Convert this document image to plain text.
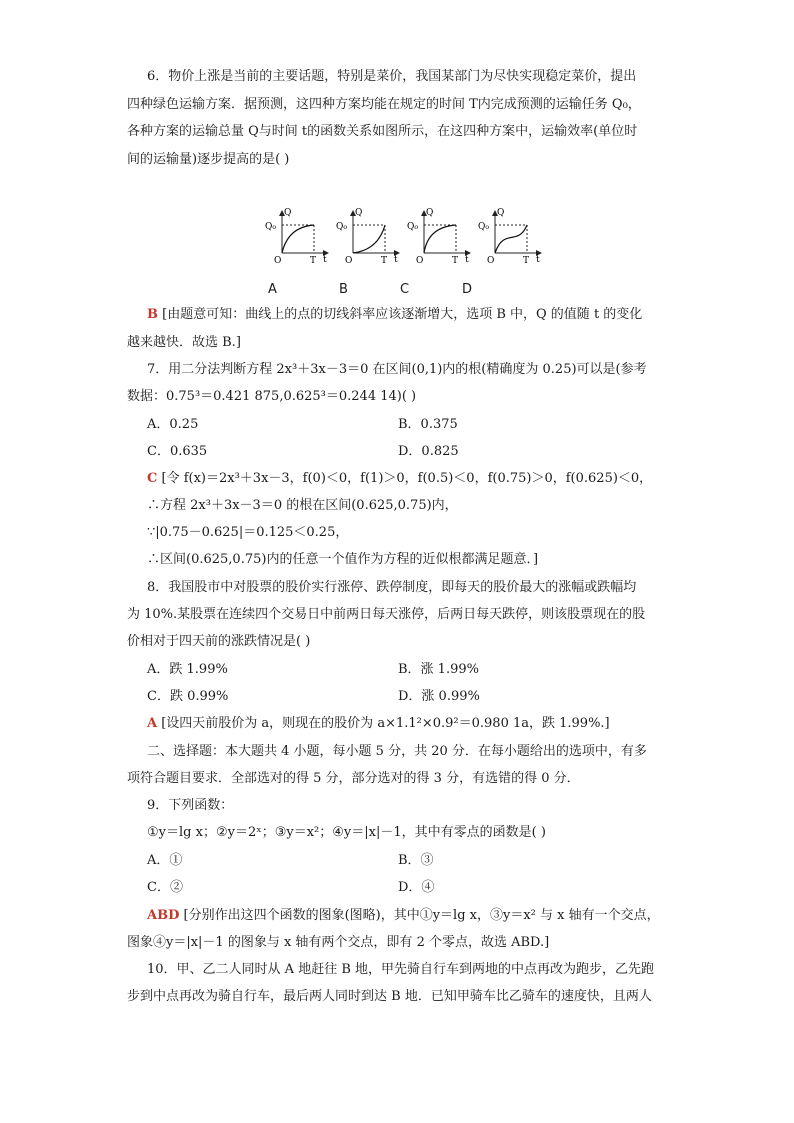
6．物价上涨是当前的主要话题，特别是菜价，我国某部门为尽快实现稳定菜价，提出
四种绿色运输方案．据预测，这四种方案均能在规定的时间 T内完成预测的运输任务 Q₀，
各种方案的运输总量 Q与时间 t的函数关系如图所示，在这四种方案中，运输效率(单位时
间的运输量)逐步提高的是( )
Q
Q₀
O	T t
Q
Q₀
O	T t
Q
Q₀
O	T t
Q
Q₀
O	T t
A	B	C	D
B [由题意可知：曲线上的点的切线斜率应该逐渐增大，选项 B 中，Q 的值随 t 的变化
越来越快．故选 B.]
7．用二分法判断方程 2x³＋3x－3＝0 在区间(0,1)内的根(精确度为 0.25)可以是(参考
数据：0.75³＝0.421 875,0.625³＝0.244 14)( )
A．0.25	B．0.375
C．0.635	D．0.825
C [令 f(x)＝2x³＋3x－3，f(0)＜0，f(1)＞0，f(0.5)＜0，f(0.75)＞0，f(0.625)＜0，
∴方程 2x³＋3x－3＝0 的根在区间(0.625,0.75)内，
∵|0.75－0.625|＝0.125＜0.25，
∴区间(0.625,0.75)内的任意一个值作为方程的近似根都满足题意．]
8．我国股市中对股票的股价实行涨停、跌停制度，即每天的股价最大的涨幅或跌幅均
为 10%.某股票在连续四个交易日中前两日每天涨停，后两日每天跌停，则该股票现在的股
价相对于四天前的涨跌情况是( )
A．跌 1.99%	B．涨 1.99%
C．跌 0.99%	D．涨 0.99%
A [设四天前股价为 a，则现在的股价为 a×1.1²×0.9²＝0.980 1a，跌 1.99%.]
二、选择题：本大题共 4 小题，每小题 5 分，共 20 分．在每小题给出的选项中，有多
项符合题目要求．全部选对的得 5 分，部分选对的得 3 分，有选错的得 0 分．
9．下列函数：
①y＝lg x；②y＝2ˣ；③y＝x²；④y＝|x|－1，其中有零点的函数是( )
A．①	B．③
C．②	D．④
ABD [分别作出这四个函数的图象(图略)，其中①y＝lg x，③y＝x² 与 x 轴有一个交点，
图象④y＝|x|－1 的图象与 x 轴有两个交点，即有 2 个零点，故选 ABD.]
10．甲、乙二人同时从 A 地赶往 B 地，甲先骑自行车到两地的中点再改为跑步，乙先跑
步到中点再改为骑自行车，最后两人同时到达 B 地．已知甲骑车比乙骑车的速度快，且两人
